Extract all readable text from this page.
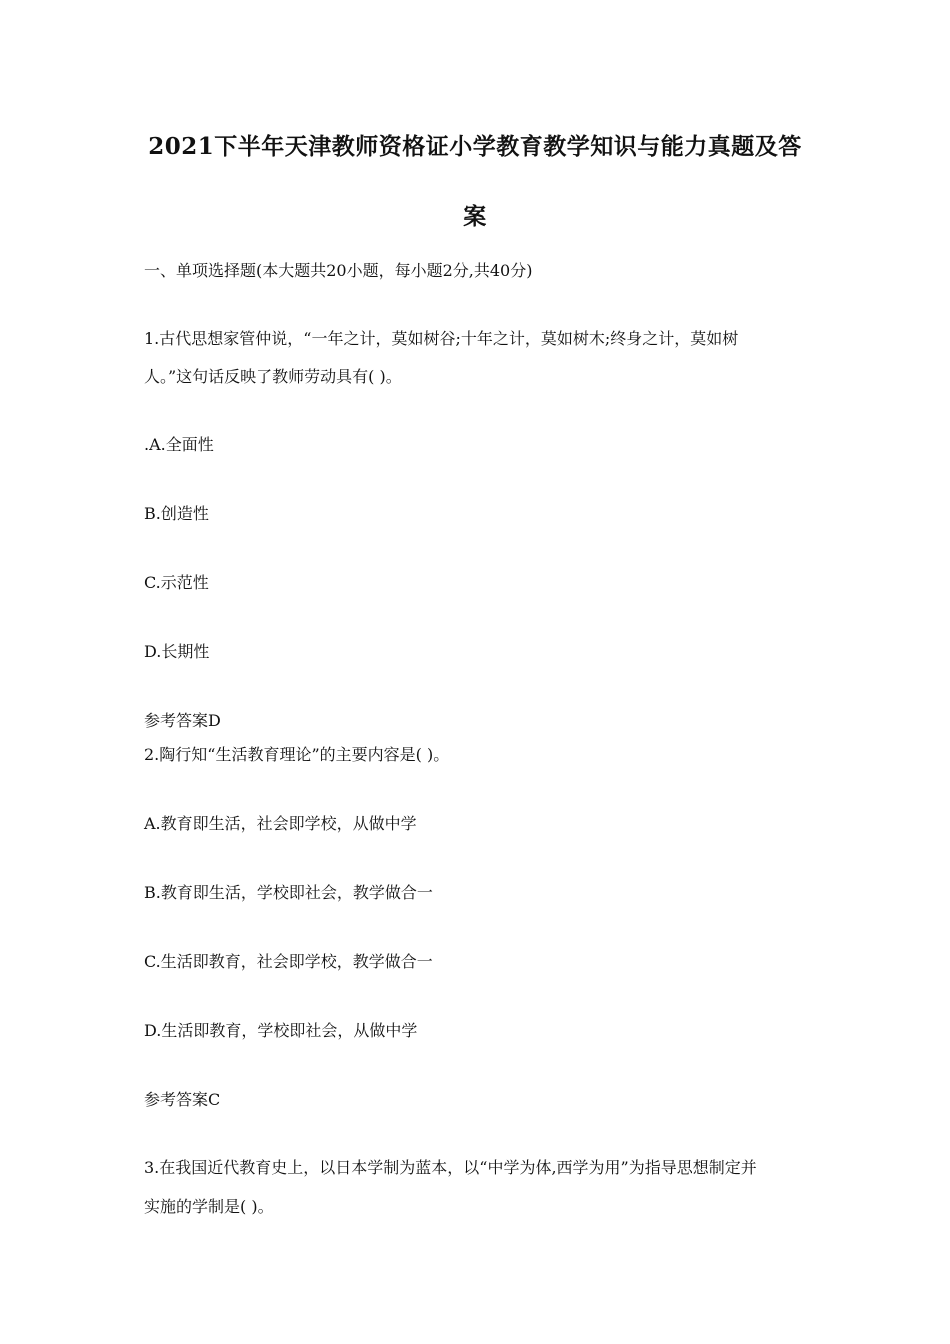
2021下半年天津教师资格证小学教育教学知识与能力真题及答
案

一、单项选择题(本大题共20小题，每小题2分,共40分)

1.古代思想家管仲说，“一年之计，莫如树谷;十年之计，莫如树木;终身之计，莫如树

人。”这句话反映了教师劳动具有( )。

.A.全面性

B.创造性

C.示范性

D.长期性

参考答案D

2.陶行知“生活教育理论”的主要内容是( )。

A.教育即生活，社会即学校，从做中学

B.教育即生活，学校即社会，教学做合一

C.生活即教育，社会即学校，教学做合一

D.生活即教育，学校即社会，从做中学

参考答案C

3.在我国近代教育史上，以日本学制为蓝本，以“中学为体,西学为用”为指导思想制定并

实施的学制是( )。
